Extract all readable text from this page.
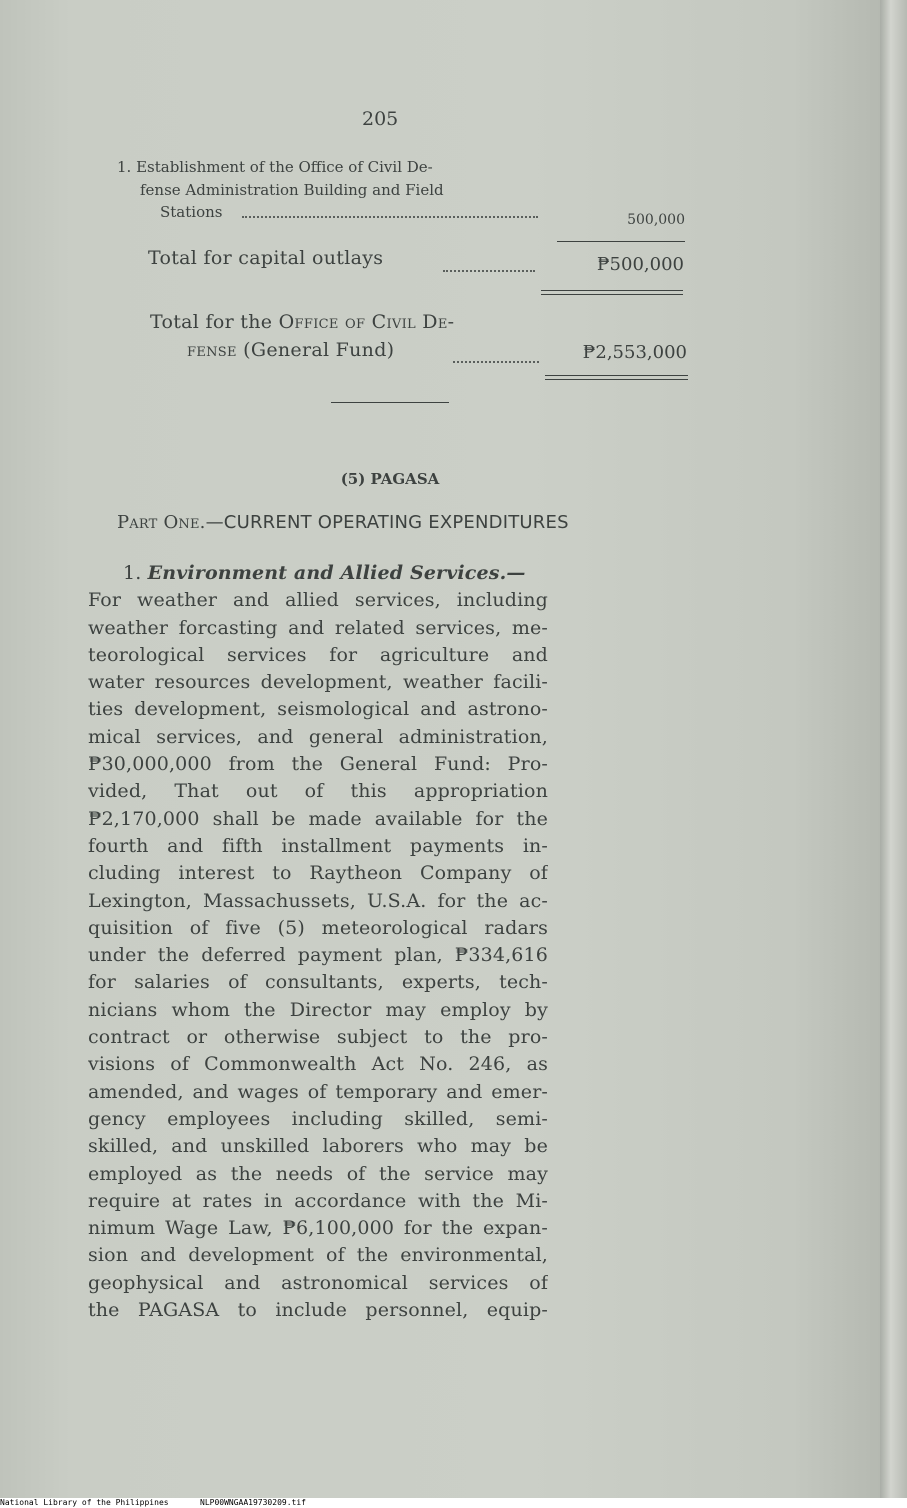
205
1. Establishment of the Office of Civil De-
fense Administration Building and Field
Stations	500,000
Total for capital outlays	₱500,000
Total for the Office of Civil De-
fense (General Fund)	₱2,553,000
(5) PAGASA
Part One.—CURRENT OPERATING EXPENDITURES
1. Environment and Allied Services.—
For weather and allied services, including
weather forcasting and related services, me-
teorological services for agriculture and
water resources development, weather facili-
ties development, seismological and astrono-
mical services, and general administration,
₱30,000,000 from the General Fund: Pro-
vided, That out of this appropriation
₱2,170,000 shall be made available for the
fourth and fifth installment payments in-
cluding interest to Raytheon Company of
Lexington, Massachussets, U.S.A. for the ac-
quisition of five (5) meteorological radars
under the deferred payment plan, ₱334,616
for salaries of consultants, experts, tech-
nicians whom the Director may employ by
contract or otherwise subject to the pro-
visions of Commonwealth Act No. 246, as
amended, and wages of temporary and emer-
gency employees including skilled, semi-
skilled, and unskilled laborers who may be
employed as the needs of the service may
require at rates in accordance with the Mi-
nimum Wage Law, ₱6,100,000 for the expan-
sion and development of the environmental,
geophysical and astronomical services of
the PAGASA to include personnel, equip-
National Library of the Philippines	NLP00WNGAA19730209.tif
